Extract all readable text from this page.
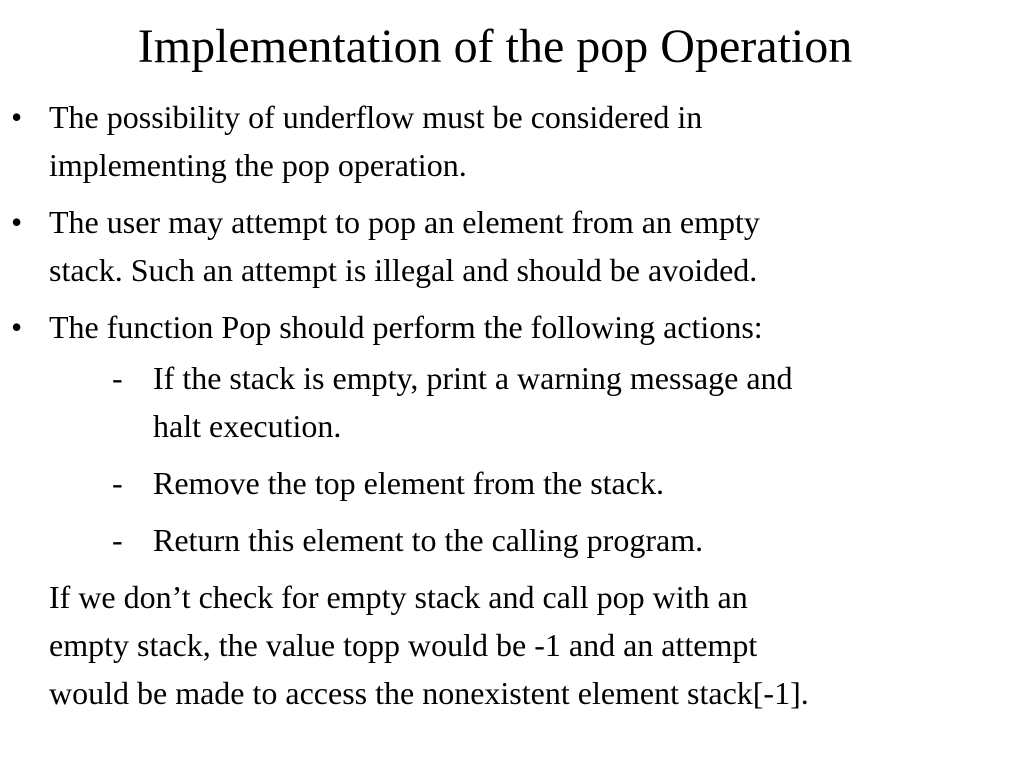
Implementation of the pop Operation
• The possibility of underflow must be considered in
implementing the pop operation.
• The user may attempt to pop an element from an empty
stack. Such an attempt is illegal and should be avoided.
• The function Pop should perform the following actions:
- If the stack is empty, print a warning message and
halt execution.
- Remove the top element from the stack.
- Return this element to the calling program.
If we don’t check for empty stack and call pop with an
empty stack, the value topp would be -1 and an attempt
would be made to access the nonexistent element stack[-1].
